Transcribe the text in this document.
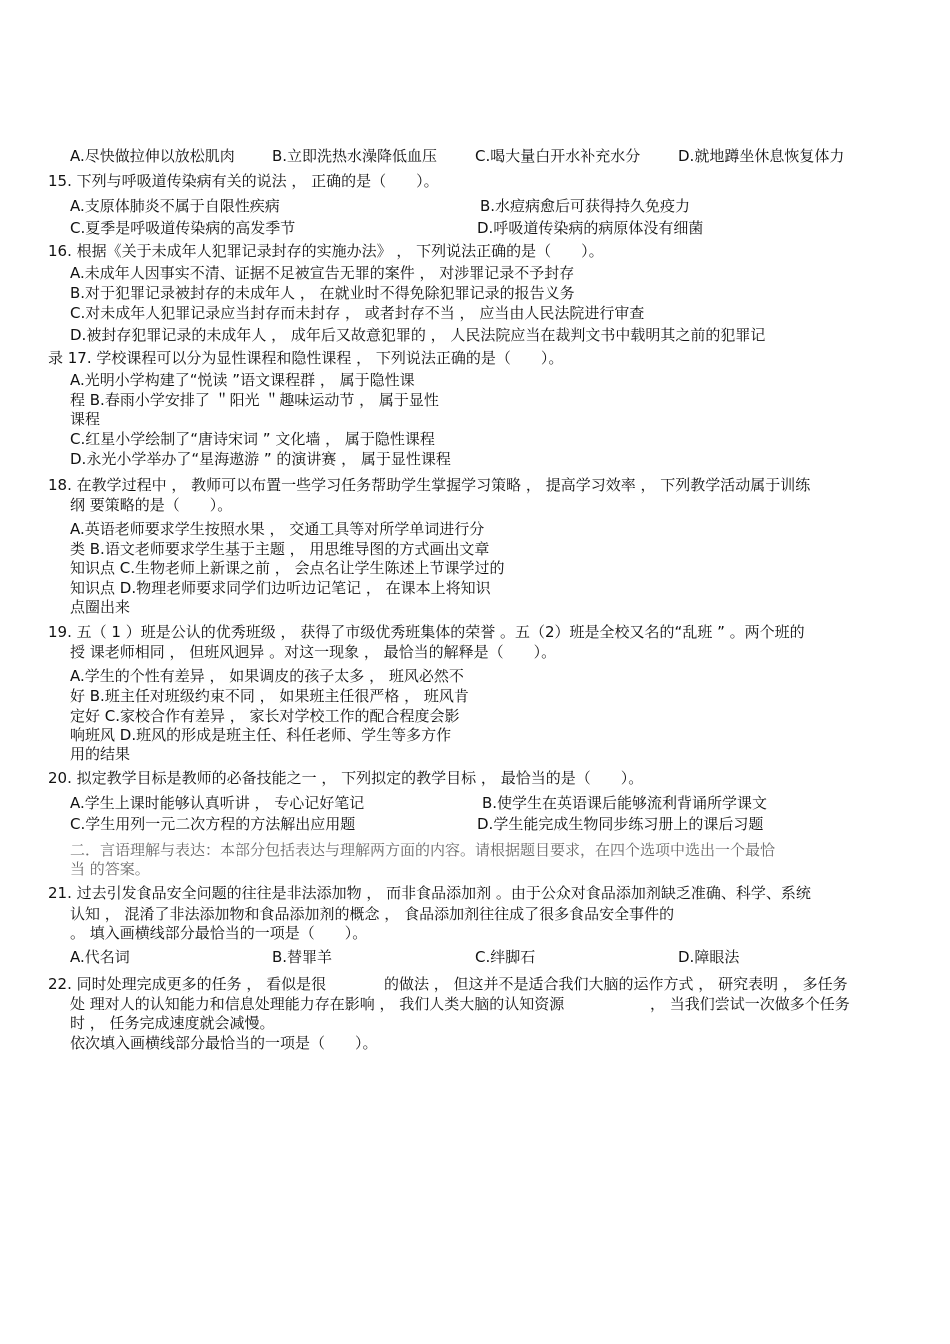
A.尽快做拉伸以放松肌肉 B.立即洗热水澡降低血压	C.喝大量白开水补充水分	D.就地蹲坐休息恢复体力
15. 下列与呼吸道传染病有关的说法 ， 正确的是（　　）。
A.支原体肺炎不属于自限性疾病	B.水痘病愈后可获得持久免疫力
C.夏季是呼吸道传染病的高发季节	D.呼吸道传染病的病原体没有细菌
16. 根据《关于未成年人犯罪记录封存的实施办法》 ， 下列说法正确的是（　　）。
A.未成年人因事实不清、证据不足被宣告无罪的案件 ， 对涉罪记录不予封存
B.对于犯罪记录被封存的未成年人 ， 在就业时不得免除犯罪记录的报告义务
C.对未成年人犯罪记录应当封存而未封存 ， 或者封存不当 ， 应当由人民法院进行审查
D.被封存犯罪记录的未成年人 ， 成年后又故意犯罪的 ， 人民法院应当在裁判文书中载明其之前的犯罪记
录 17. 学校课程可以分为显性课程和隐性课程 ， 下列说法正确的是（　　）。
A.光明小学构建了“悦读 ”语文课程群 ， 属于隐性课
程 B.春雨小学安排了 ＂阳光 ＂趣味运动节 ， 属于显性
课程
C.红星小学绘制了“唐诗宋词 ” 文化墙 ， 属于隐性课程
D.永光小学举办了“星海遨游 ” 的演讲赛 ， 属于显性课程
18. 在教学过程中 ， 教师可以布置一些学习任务帮助学生掌握学习策略 ， 提高学习效率 ， 下列教学活动属于训练
纲 要策略的是（　　）。
A.英语老师要求学生按照水果 ， 交通工具等对所学单词进行分
类 B.语文老师要求学生基于主题 ， 用思维导图的方式画出文章
知识点 C.生物老师上新课之前 ， 会点名让学生陈述上节课学过的
知识点 D.物理老师要求同学们边听边记笔记 ， 在课本上将知识
点圈出来
19. 五（ 1 ）班是公认的优秀班级 ， 获得了市级优秀班集体的荣誉 。五（2）班是全校又名的“乱班 ” 。两个班的
授 课老师相同 ， 但班风迥异 。对这一现象 ， 最恰当的解释是（　　）。
A.学生的个性有差异 ， 如果调皮的孩子太多 ， 班风必然不
好 B.班主任对班级约束不同 ， 如果班主任很严格 ， 班风肯
定好 C.家校合作有差异 ， 家长对学校工作的配合程度会影
响班风 D.班风的形成是班主任、科任老师、学生等多方作
用的结果
20. 拟定教学目标是教师的必备技能之一 ， 下列拟定的教学目标 ， 最恰当的是（　　）。
A.学生上课时能够认真听讲 ， 专心记好笔记	B.使学生在英语课后能够流利背诵所学课文
C.学生用列一元二次方程的方法解出应用题	D.学生能完成生物同步练习册上的课后习题
二．言语理解与表达：本部分包括表达与理解两方面的内容。请根据题目要求，在四个选项中选出一个最恰
当 的答案。
21. 过去引发食品安全问题的往往是非法添加物 ， 而非食品添加剂 。由于公众对食品添加剂缺乏准确、科学、系统
认知 ， 混淆了非法添加物和食品添加剂的概念 ， 食品添加剂往往成了很多食品安全事件的
。 填入画横线部分最恰当的一项是（　　）。
A.代名词	B.替罪羊	C.绊脚石	D.障眼法
22. 同时处理完成更多的任务 ， 看似是很	的做法 ， 但这并不是适合我们大脑的运作方式 ， 研究表明 ， 多任务
处 理对人的认知能力和信息处理能力存在影响 ， 我们人类大脑的认知资源	， 当我们尝试一次做多个任务
时 ， 任务完成速度就会减慢。
依次填入画横线部分最恰当的一项是（　　）。
